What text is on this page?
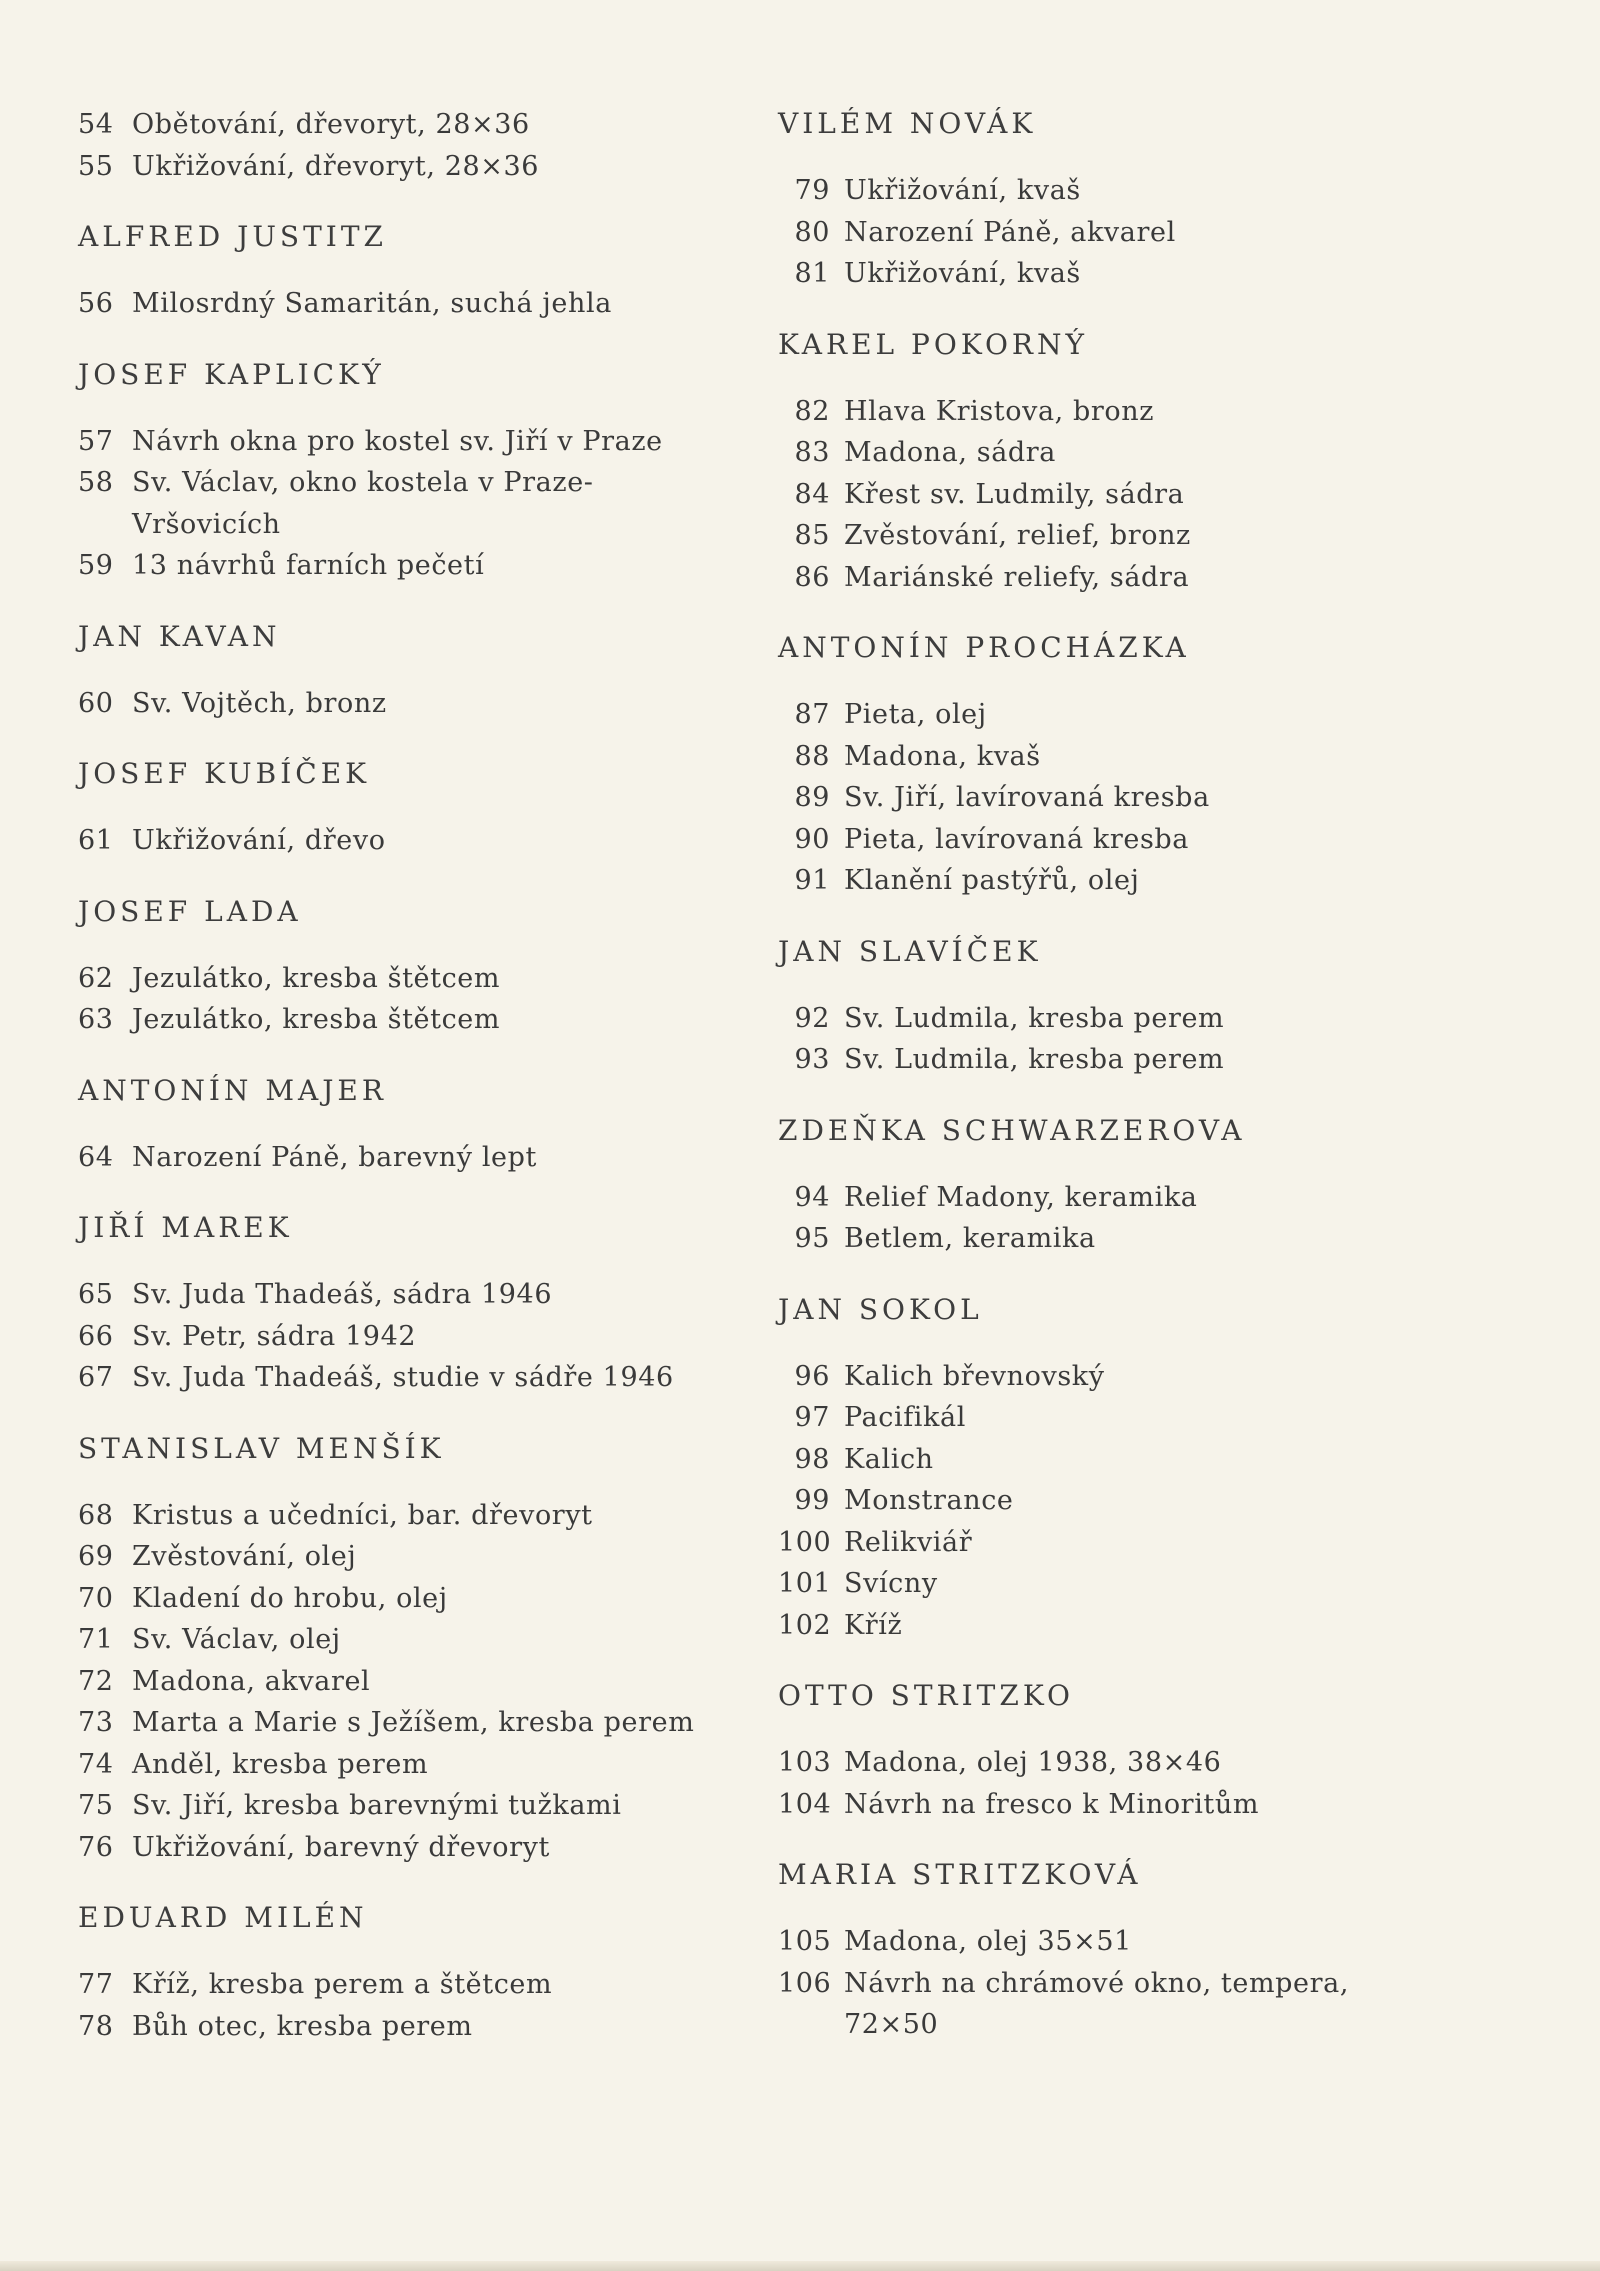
54 Obětování, dřevoryt, 28×36
55 Ukřižování, dřevoryt, 28×36
ALFRED JUSTITZ
56 Milosrdný Samaritán, suchá jehla
JOSEF KAPLICKÝ
57 Návrh okna pro kostel sv. Jiří v Praze
58 Sv. Václav, okno kostela v Praze-
Vršovicích
59 13 návrhů farních pečetí
JAN KAVAN
60 Sv. Vojtěch, bronz
JOSEF KUBÍČEK
61 Ukřižování, dřevo
JOSEF LADA
62 Jezulátko, kresba štětcem
63 Jezulátko, kresba štětcem
ANTONÍN MAJER
64 Narození Páně, barevný lept
JIŘÍ MAREK
65 Sv. Juda Thadeáš, sádra 1946
66 Sv. Petr, sádra 1942
67 Sv. Juda Thadeáš, studie v sádře 1946
STANISLAV MENŠÍK
68 Kristus a učedníci, bar. dřevoryt
69 Zvěstování, olej
70 Kladení do hrobu, olej
71 Sv. Václav, olej
72 Madona, akvarel
73 Marta a Marie s Ježíšem, kresba perem
74 Anděl, kresba perem
75 Sv. Jiří, kresba barevnými tužkami
76 Ukřižování, barevný dřevoryt
EDUARD MILÉN
77 Kříž, kresba perem a štětcem
78 Bůh otec, kresba perem
VILÉM NOVÁK
79 Ukřižování, kvaš
80 Narození Páně, akvarel
81 Ukřižování, kvaš
KAREL POKORNÝ
82 Hlava Kristova, bronz
83 Madona, sádra
84 Křest sv. Ludmily, sádra
85 Zvěstování, relief, bronz
86 Mariánské reliefy, sádra
ANTONÍN PROCHÁZKA
87 Pieta, olej
88 Madona, kvaš
89 Sv. Jiří, lavírovaná kresba
90 Pieta, lavírovaná kresba
91 Klanění pastýřů, olej
JAN SLAVÍČEK
92 Sv. Ludmila, kresba perem
93 Sv. Ludmila, kresba perem
ZDEŇKA SCHWARZEROVA
94 Relief Madony, keramika
95 Betlem, keramika
JAN SOKOL
96 Kalich břevnovský
97 Pacifikál
98 Kalich
99 Monstrance
100 Relikviář
101 Svícny
102 Kříž
OTTO STRITZKO
103 Madona, olej 1938, 38×46
104 Návrh na fresco k Minoritům
MARIA STRITZKOVÁ
105 Madona, olej 35×51
106 Návrh na chrámové okno, tempera,
72×50
